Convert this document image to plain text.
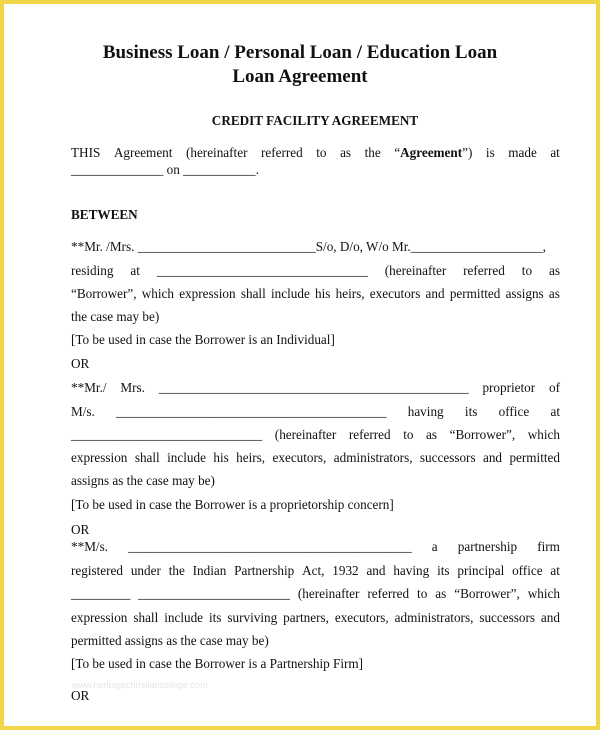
Business Loan / Personal Loan / Education Loan
Loan Agreement
CREDIT FACILITY AGREEMENT
THIS Agreement (hereinafter referred to as the “Agreement”) is made at
______________ on ___________.
BETWEEN
**Mr. /Mrs. ___________________________S/o, D/o, W/o Mr.____________________,
residing at ________________________________ (hereinafter referred to as
“Borrower”, which expression shall include his heirs, executors and permitted assigns as
the case may be)
[To be used in case the Borrower is an Individual]
OR
**Mr./ Mrs. _______________________________________________ proprietor of
M/s. _________________________________________ having its office at
_____________________________ (hereinafter referred to as “Borrower”, which
expression shall include his heirs, executors, administrators, successors and permitted
assigns as the case may be)
[To be used in case the Borrower is a proprietorship concern]
OR
**M/s. ___________________________________________ a partnership firm
registered under the Indian Partnership Act, 1932 and having its principal office at
_________ _______________________ (hereinafter referred to as “Borrower”, which
expression shall include its surviving partners, executors, administrators, successors and
permitted assigns as the case may be)
[To be used in case the Borrower is a Partnership Firm]
www.heritagechristiancollege.com
OR
